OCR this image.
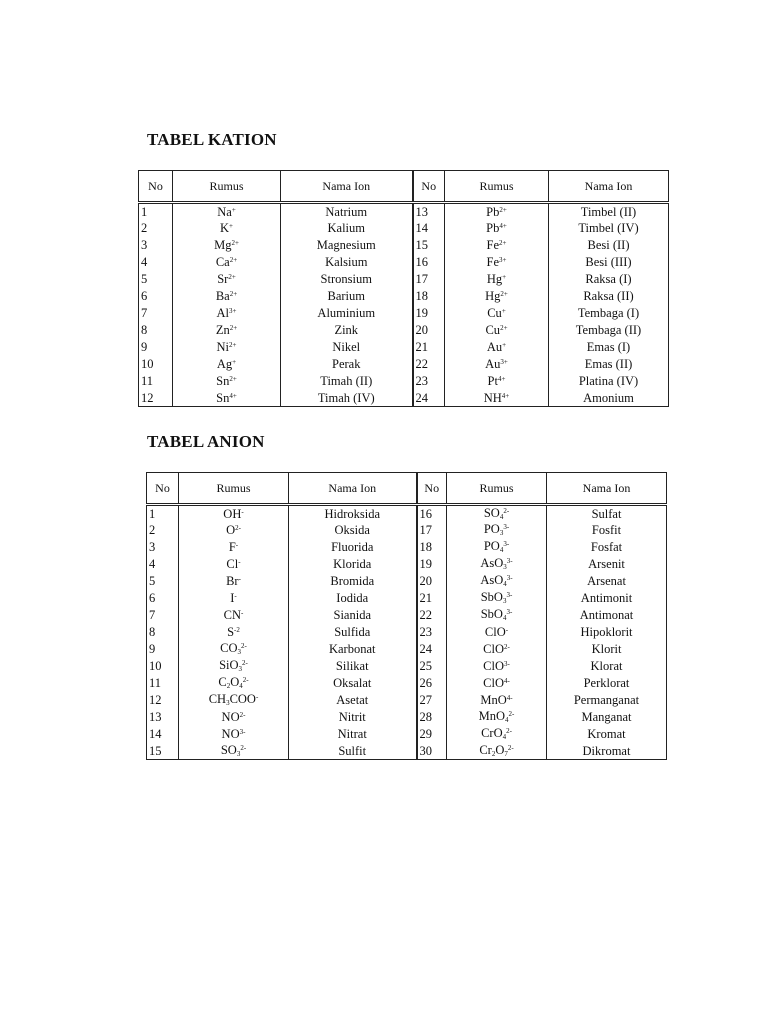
TABEL KATION
No	Rumus	Nama Ion	No	Rumus	Nama Ion
1	Na+	Natrium	13	$Pb^{2+}$	Timbel (II)
2	K+	Kalium	14	$Pb^{4+}$	Timbel (IV)
3	$Mg^{2+}$	Magnesium	15	$Fe^{2+}$	Besi (II)
4	$Ca^{2+}$	Kalsium	16	$Fe^{3+}$	Besi (III)
5	$Sr^{2+}$	Stronsium	17	Hg+	Raksa (I)
6	$Ba^{2+}$	Barium	18	$Hg^{2+}$	Raksa (II)
7	$Al^{3+}$	Aluminium	19	Cu+	Tembaga (I)
8	$Zn^{2+}$	Zink	20	$Cu^{2+}$	Tembaga (II)
9	$Ni^{2+}$	Nikel	21	Au+	Emas (I)
10	Ag+	Perak	22	$Au^{3+}$	Emas (II)
11	$Sn^{2+}$	Timah (II)	23	$Pt^{4+}$	Platina (IV)
12	$Sn^{4+}$	Timah (IV)	24	$NH^{4+}$	Amonium
TABEL ANION
No	Rumus	Nama Ion	No	Rumus	Nama Ion
1	OH-	Hidroksida	16	$SO_4^{2-}$	Sulfat
2	$O^{2-}$	Oksida	17	$PO_3^{3-}$	Fosfit
3	F-	Fluorida	18	$PO_4^{3-}$	Fosfat
4	Cl-	Klorida	19	AsO$_3^{3-}$	Arsenit
5	Br-	Bromida	20	AsO$_4^{3-}$	Arsenat
6	I-	Iodida	21	SbO$_3^{3-}$	Antimonit
7	CN-	Sianida	22	SbO$_4^{3-}$	Antimonat
8	$S^{-2}$	Sulfida	23	ClO-	Hipoklorit
9	$CO_3^{2-}$	Karbonat	24	ClO$^{2-}$	Klorit
10	SiO$_3^{2-}$	Silikat	25	ClO$^{3-}$	Klorat
11	$C_2O_4^{2-}$	Oksalat	26	ClO$^{4-}$	Perklorat
12	$CH_3COO^-$	Asetat	27	MnO$^{4-}$	Permanganat
13	$NO^{2-}$	Nitrit	28	MnO$_4^{2-}$	Manganat
14	$NO^{3-}$	Nitrat	29	CrO$_4^{2-}$	Kromat
15	$SO_3^{2-}$	Sulfit	30	$Cr_2O_7^{2-}$	Dikromat
